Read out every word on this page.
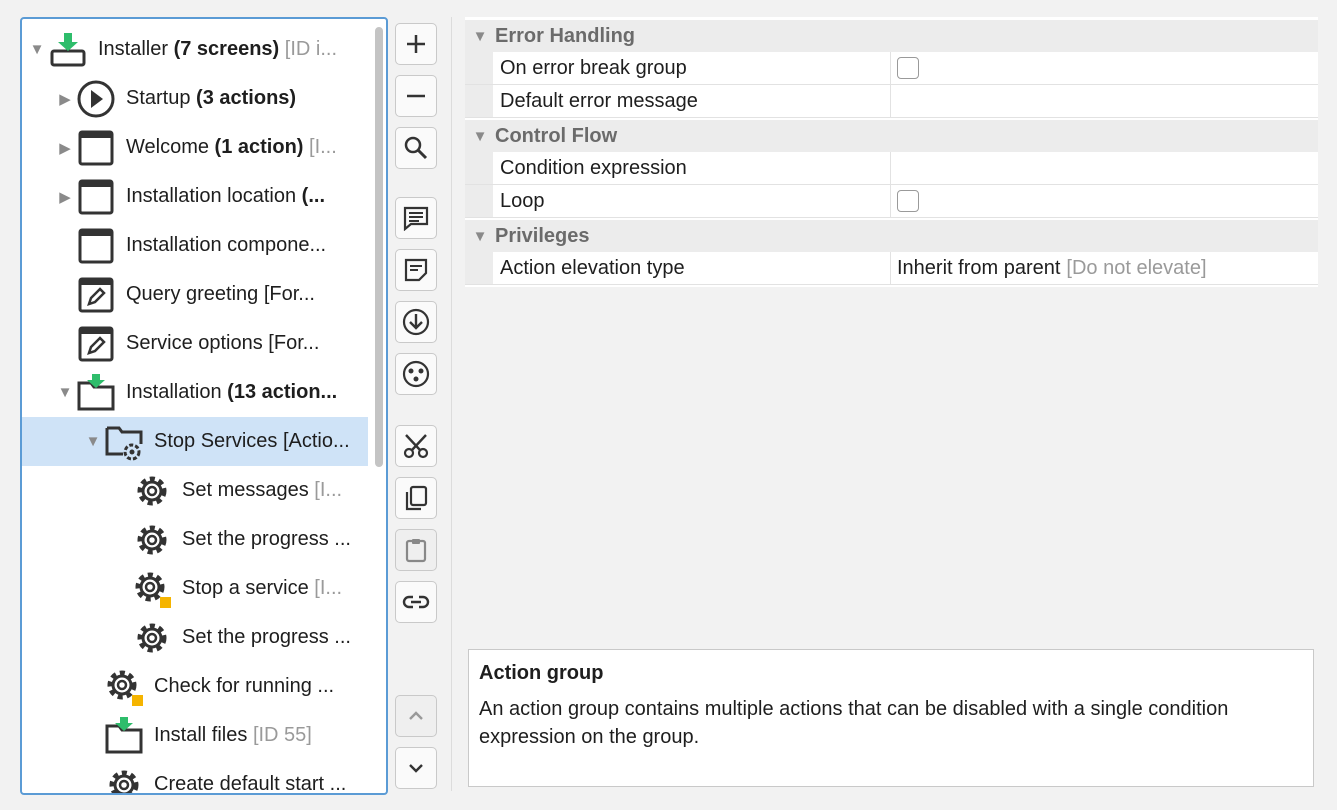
▼	Installer (7 screens) [ID i...
▶	Startup (3 actions)
▶	Welcome (1 action) [I...
▶	Installation location (...
Installation compone...
Query greeting [For...
Service options [For...
▼	Installation (13 action...
▼	Stop Services [Actio...
Set messages [I...
Set the progress ...
Stop a service [I...
Set the progress ...
Check for running ...
Install files [ID 55]
Create default start ...
▼ Error Handling
On error break group
Default error message
▼ Control Flow
Condition expression
Loop
▼ Privileges
Action elevation type	Inherit from parent [Do not elevate]
Action group

An action group contains multiple actions that can be disabled with a single condition expression on the group.
